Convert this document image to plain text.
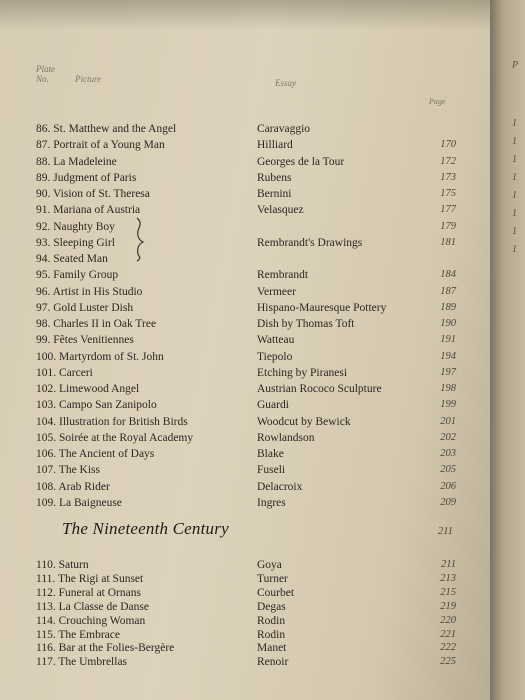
Plate
No.	Picture	Essay
Page
86. St. Matthew and the Angel	Caravaggio
87. Portrait of a Young Man	Hilliard	170
88. La Madeleine	Georges de la Tour	172
89. Judgment of Paris	Rubens	173
90. Vision of St. Theresa	Bernini	175
91. Mariana of Austria	Velasquez	177
92. Naughty Boy	179
93. Sleeping Girl	Rembrandt's Drawings	181
94. Seated Man
95. Family Group	Rembrandt	184
96. Artist in His Studio	Vermeer	187
97. Gold Luster Dish	Hispano-Mauresque Pottery	189
98. Charles II in Oak Tree	Dish by Thomas Toft	190
99. Fêtes Venitiennes	Watteau	191
100. Martyrdom of St. John	Tiepolo	194
101. Carceri	Etching by Piranesi	197
102. Limewood Angel	Austrian Rococo Sculpture	198
103. Campo San Zanipolo	Guardi	199
104. Illustration for British Birds	Woodcut by Bewick	201
105. Soirée at the Royal Academy	Rowlandson	202
106. The Ancient of Days	Blake	203
107. The Kiss	Fuseli	205
108. Arab Rider	Delacroix	206
109. La Baigneuse	Ingres	209
The Nineteenth Century	211
110. Saturn	Goya	211
111. The Rigi at Sunset	Turner	213
112. Funeral at Ornans	Courbet	215
113. La Classe de Danse	Degas	219
114. Crouching Woman	Rodin	220
115. The Embrace	Rodin	221
116. Bar at the Folies-Bergère	Manet	222
117. The Umbrellas	Renoir	225
P
1
1
1
1
1
1
1
1
